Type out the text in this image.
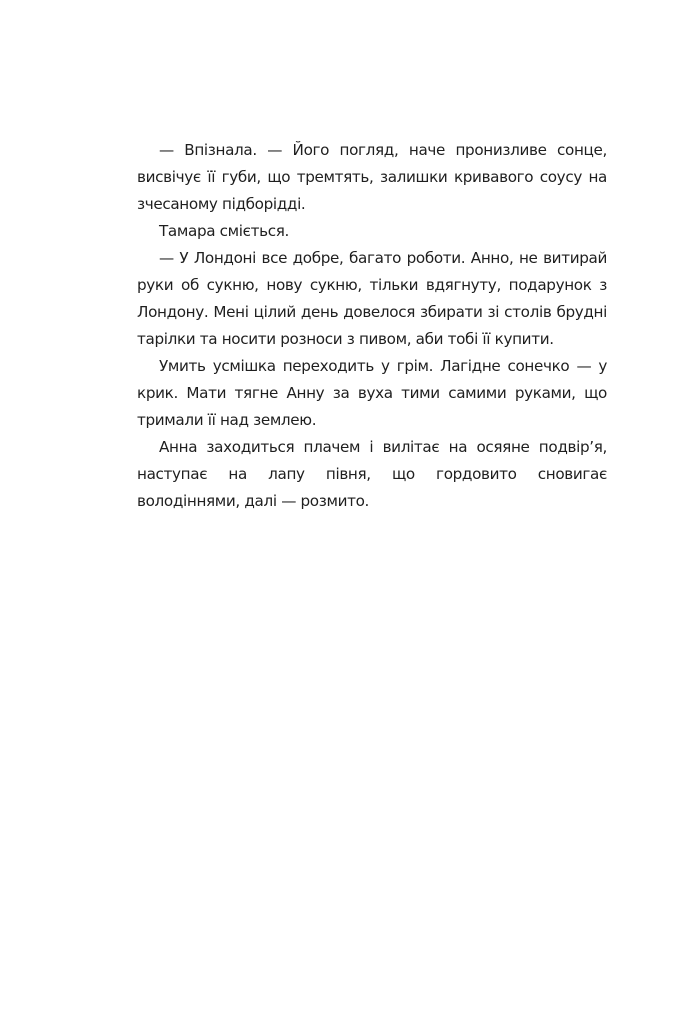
— Впізнала. — Його погляд, наче пронизливе сонце, висвічує її губи, що тремтять, залишки кривавого соусу на зчесаному підборідді.

Тамара сміється.

— У Лондоні все добре, багато роботи. Анно, не витирай руки об сукню, нову сукню, тільки вдягнуту, подарунок з Лондону. Мені цілий день довелося збирати зі столів брудні тарілки та носити розноси з пивом, аби тобі її купити.

Умить усмішка переходить у грім. Лагідне сонечко — у крик. Мати тягне Анну за вуха тими самими руками, що тримали її над землею.

Анна заходиться плачем і вилітає на осяяне подвір’я, наступає на лапу півня, що гордовито сновигає володіннями, далі — розмито.
